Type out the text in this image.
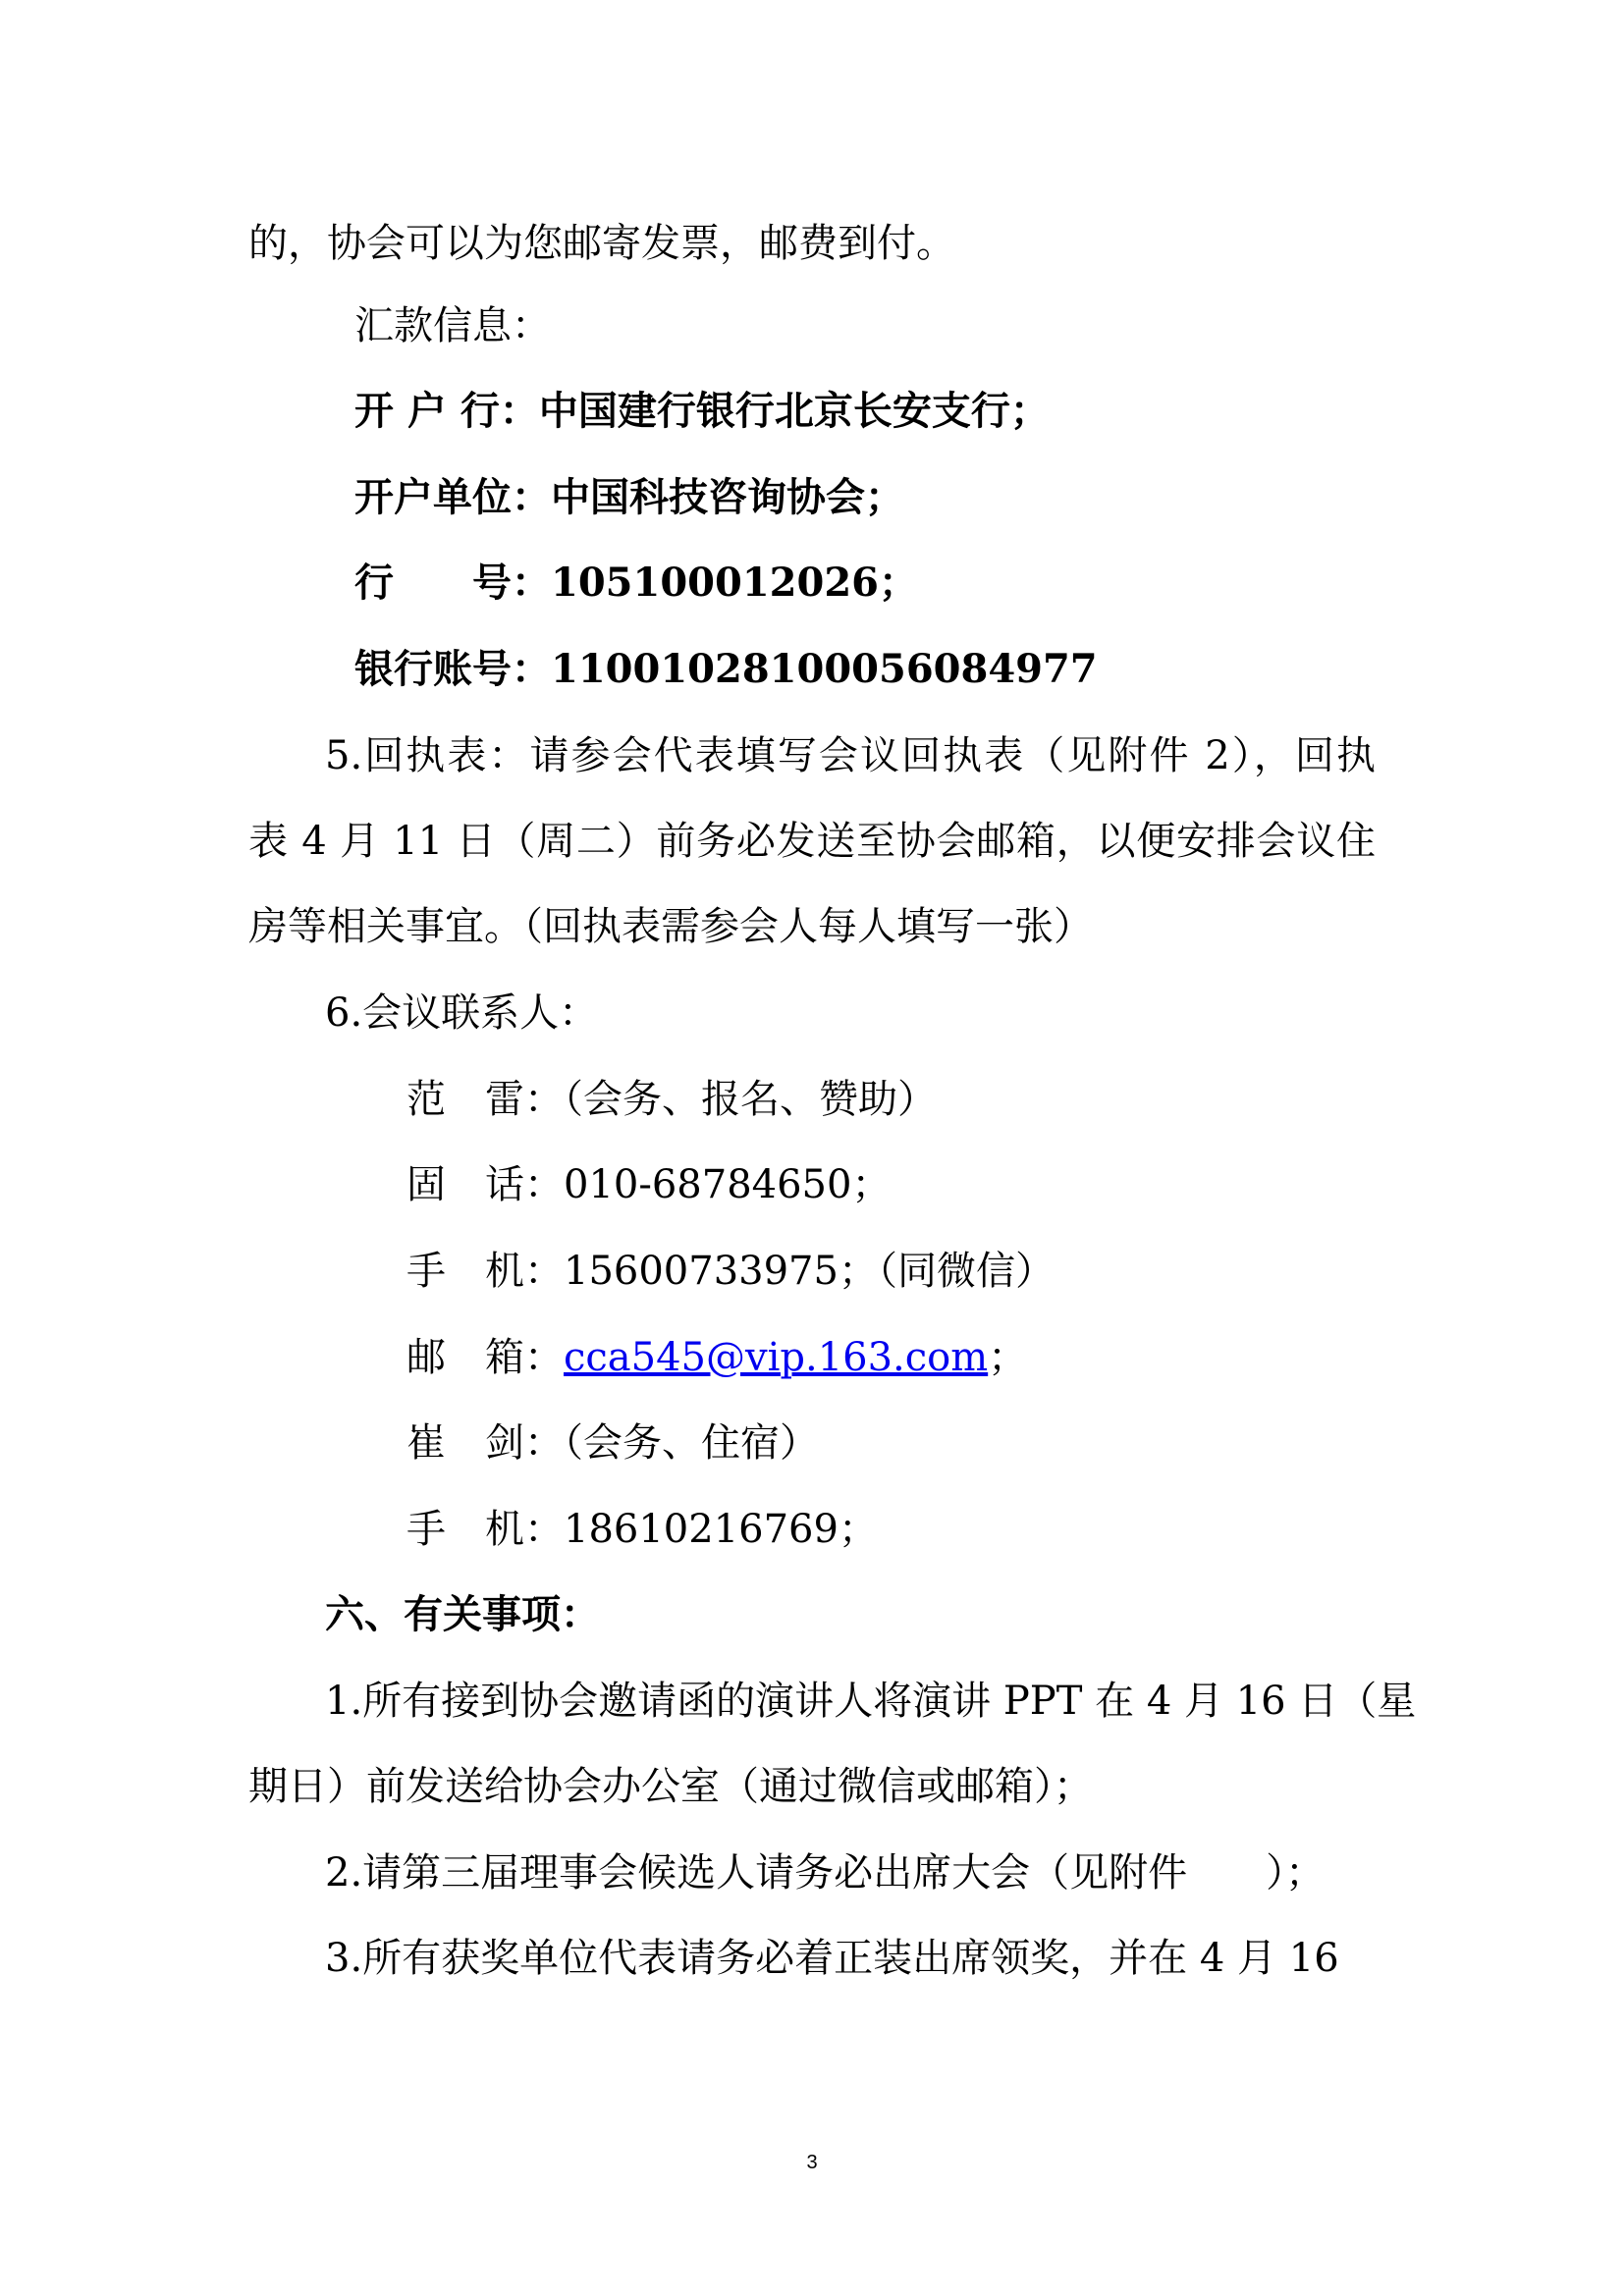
的，协会可以为您邮寄发票，邮费到付。
汇款信息：
开 户 行：中国建行银行北京长安支行；
开户单位：中国科技咨询协会；
行　　号：105100012026；
银行账号：11001028100056084977
5.回执表：请参会代表填写会议回执表（见附件 2），回执
表 4 月 11 日（周二）前务必发送至协会邮箱，以便安排会议住
房等相关事宜。（回执表需参会人每人填写一张）
6.会议联系人：
范　雷：（会务、报名、赞助）
固　话：010-68784650；
手　机：15600733975；（同微信）
邮　箱：cca545@vip.163.com；
崔　剑：（会务、住宿）
手　机：18610216769；
六、有关事项：
1.所有接到协会邀请函的演讲人将演讲 PPT 在 4 月 16 日（星
期日）前发送给协会办公室（通过微信或邮箱）；
2.请第三届理事会候选人请务必出席大会（见附件　　）；
3.所有获奖单位代表请务必着正装出席领奖，并在 4 月 16
3
